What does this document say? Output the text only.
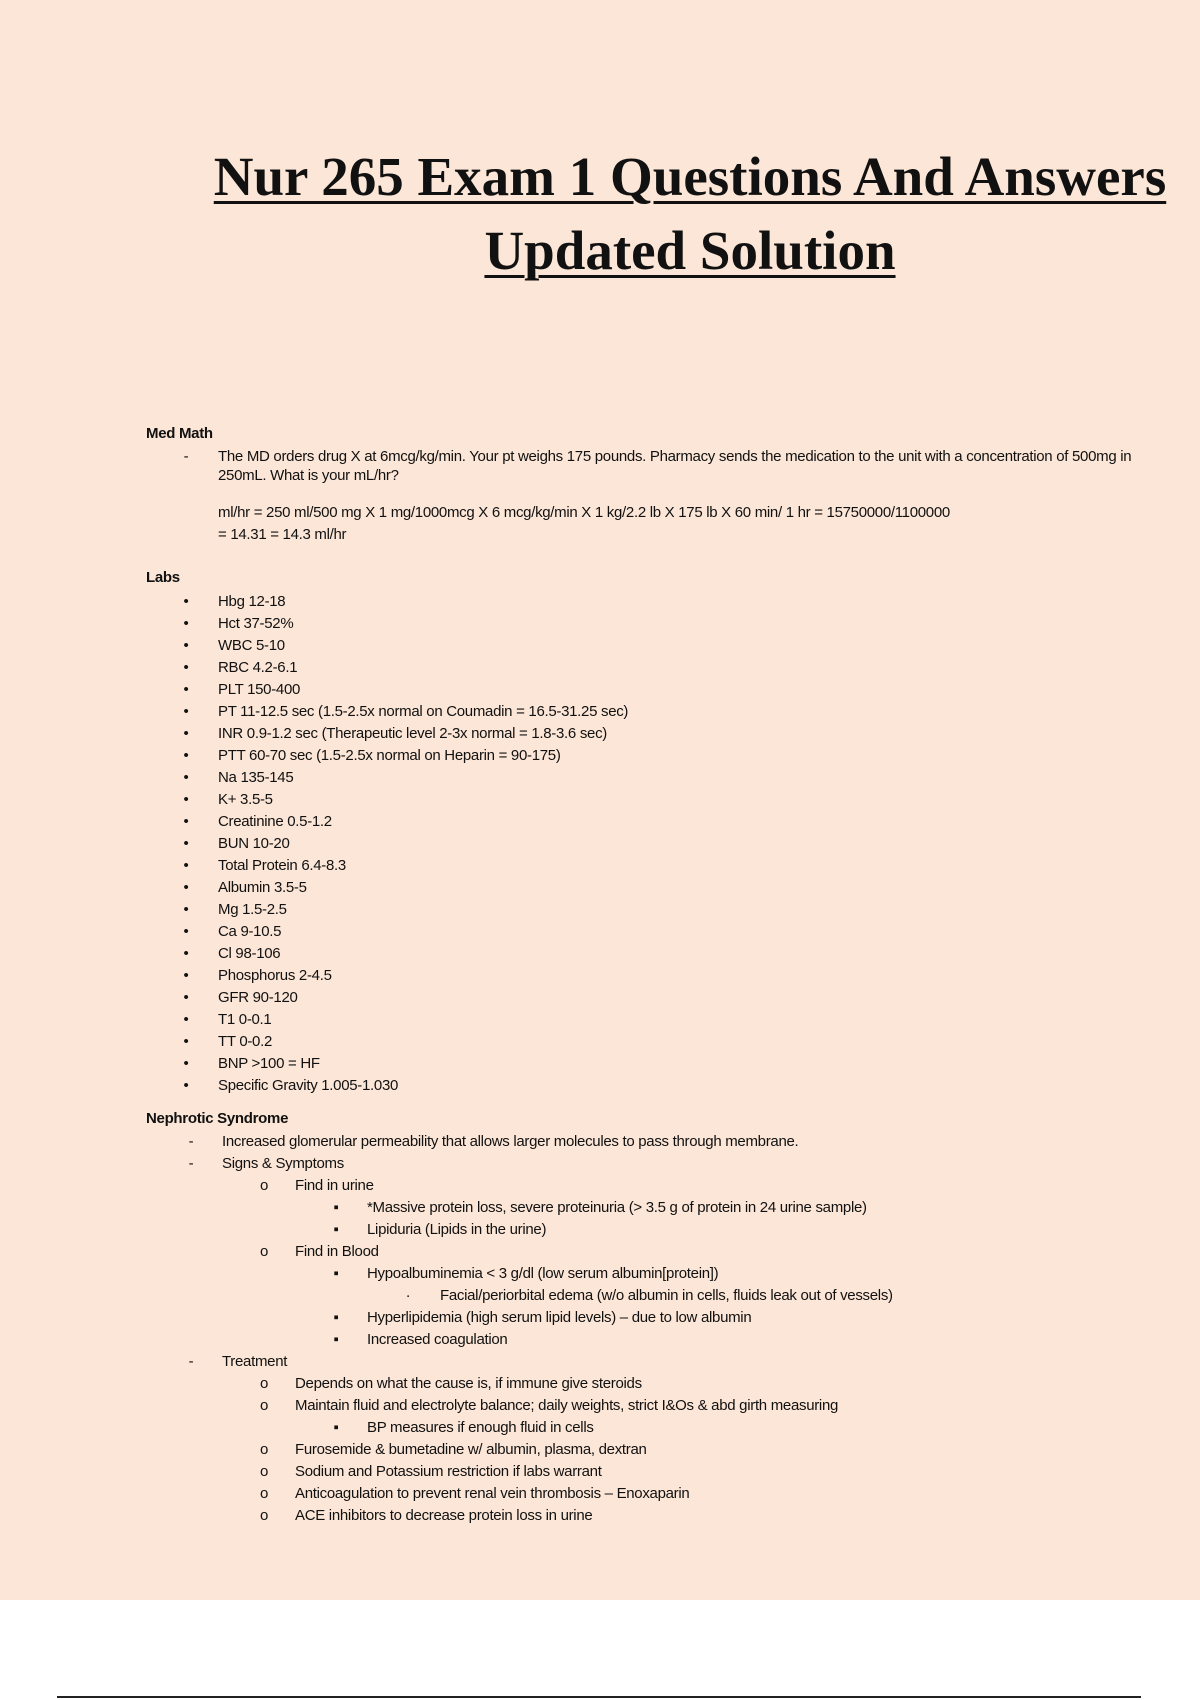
Nur 265 Exam 1 Questions And Answers
Updated Solution
Med Math
-	The MD orders drug X at 6mcg/kg/min. Your pt weighs 175 pounds. Pharmacy sends the medication to the unit with a concentration of 500mg in 250mL. What is your mL/hr?
ml/hr = 250 ml/500 mg X 1 mg/1000mcg X 6 mcg/kg/min X 1 kg/2.2 lb X 175 lb X 60 min/ 1 hr = 15750000/1100000
= 14.31 = 14.3 ml/hr
Labs
•	Hbg 12-18
•	Hct 37-52%
•	WBC 5-10
•	RBC 4.2-6.1
•	PLT 150-400
•	PT 11-12.5 sec (1.5-2.5x normal on Coumadin = 16.5-31.25 sec)
•	INR 0.9-1.2 sec (Therapeutic level 2-3x normal = 1.8-3.6 sec)
•	PTT 60-70 sec (1.5-2.5x normal on Heparin = 90-175)
•	Na 135-145
•	K+ 3.5-5
•	Creatinine 0.5-1.2
•	BUN 10-20
•	Total Protein 6.4-8.3
•	Albumin 3.5-5
•	Mg 1.5-2.5
•	Ca 9-10.5
•	Cl 98-106
•	Phosphorus 2-4.5
•	GFR 90-120
•	T1 0-0.1
•	TT 0-0.2
•	BNP >100 = HF
•	Specific Gravity 1.005-1.030
Nephrotic Syndrome
-	Increased glomerular permeability that allows larger molecules to pass through membrane.
-	Signs & Symptoms
o	Find in urine
▪	*Massive protein loss, severe proteinuria (> 3.5 g of protein in 24 urine sample)
▪	Lipiduria (Lipids in the urine)
o	Find in Blood
▪	Hypoalbuminemia < 3 g/dl (low serum albumin[protein])
·	Facial/periorbital edema (w/o albumin in cells, fluids leak out of vessels)
▪	Hyperlipidemia (high serum lipid levels) – due to low albumin
▪	Increased coagulation
-	Treatment
o	Depends on what the cause is, if immune give steroids
o	Maintain fluid and electrolyte balance; daily weights, strict I&Os & abd girth measuring
▪	BP measures if enough fluid in cells
o	Furosemide & bumetadine w/ albumin, plasma, dextran
o	Sodium and Potassium restriction if labs warrant
o	Anticoagulation to prevent renal vein thrombosis – Enoxaparin
o	ACE inhibitors to decrease protein loss in urine
